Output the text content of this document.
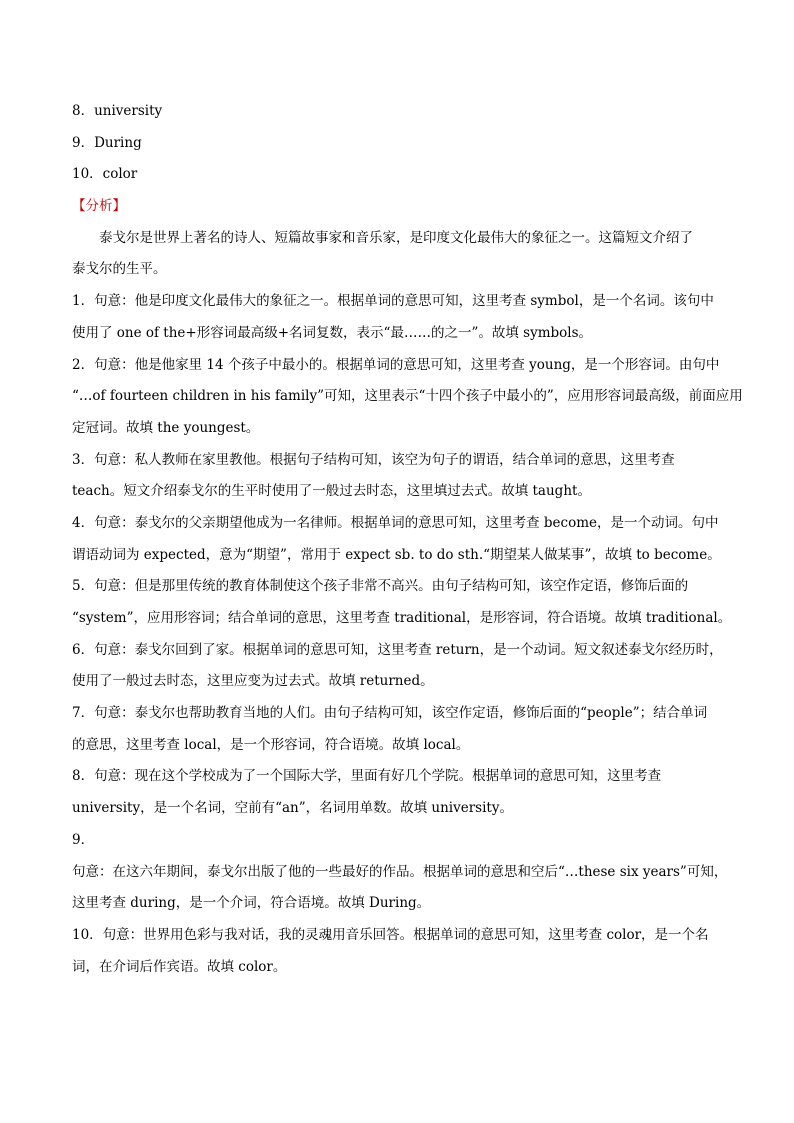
8．university
9．During
10．color
【分析】
泰戈尔是世界上著名的诗人、短篇故事家和音乐家，是印度文化最伟大的象征之一。这篇短文介绍了
泰戈尔的生平。
1．句意：他是印度文化最伟大的象征之一。根据单词的意思可知，这里考查 symbol，是一个名词。该句中
使用了 one of the+形容词最高级+名词复数，表示“最……的之一”。故填 symbols。
2．句意：他是他家里 14 个孩子中最小的。根据单词的意思可知，这里考查 young，是一个形容词。由句中
“…of fourteen children in his family”可知，这里表示“十四个孩子中最小的”，应用形容词最高级，前面应用
定冠词。故填 the youngest。
3．句意：私人教师在家里教他。根据句子结构可知，该空为句子的谓语，结合单词的意思，这里考查
teach。短文介绍泰戈尔的生平时使用了一般过去时态，这里填过去式。故填 taught。
4．句意：泰戈尔的父亲期望他成为一名律师。根据单词的意思可知，这里考查 become，是一个动词。句中
谓语动词为 expected，意为“期望”，常用于 expect sb. to do sth.“期望某人做某事”，故填 to become。
5．句意：但是那里传统的教育体制使这个孩子非常不高兴。由句子结构可知，该空作定语，修饰后面的
“system”，应用形容词；结合单词的意思，这里考查 traditional，是形容词，符合语境。故填 traditional。
6．句意：泰戈尔回到了家。根据单词的意思可知，这里考查 return，是一个动词。短文叙述泰戈尔经历时，
使用了一般过去时态，这里应变为过去式。故填 returned。
7．句意：泰戈尔也帮助教育当地的人们。由句子结构可知，该空作定语，修饰后面的“people”；结合单词
的意思，这里考查 local，是一个形容词，符合语境。故填 local。
8．句意：现在这个学校成为了一个国际大学，里面有好几个学院。根据单词的意思可知，这里考查
university，是一个名词，空前有“an”，名词用单数。故填 university。
9．
句意：在这六年期间，泰戈尔出版了他的一些最好的作品。根据单词的意思和空后“…these six years”可知，
这里考查 during，是一个介词，符合语境。故填 During。
10．句意：世界用色彩与我对话，我的灵魂用音乐回答。根据单词的意思可知，这里考查 color，是一个名
词，在介词后作宾语。故填 color。
